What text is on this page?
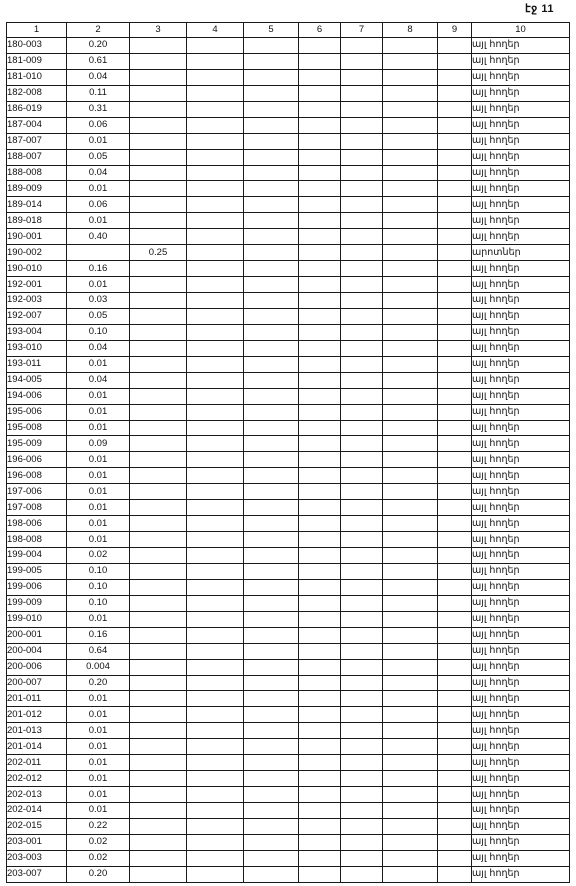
էջ 11
1	2	3	4	5	6	7	8	9	10
180-003	0.20								այլ հողեր
181-009	0.61								այլ հողեր
181-010	0.04								այլ հողեր
182-008	0.11								այլ հողեր
186-019	0.31								այլ հողեր
187-004	0.06								այլ հողեր
187-007	0.01								այլ հողեր
188-007	0.05								այլ հողեր
188-008	0.04								այլ հողեր
189-009	0.01								այլ հողեր
189-014	0.06								այլ հողեր
189-018	0.01								այլ հողեր
190-001	0.40								այլ հողեր
190-002		0.25							արոտներ
190-010	0.16								այլ հողեր
192-001	0.01								այլ հողեր
192-003	0.03								այլ հողեր
192-007	0.05								այլ հողեր
193-004	0.10								այլ հողեր
193-010	0.04								այլ հողեր
193-011	0.01								այլ հողեր
194-005	0.04								այլ հողեր
194-006	0.01								այլ հողեր
195-006	0.01								այլ հողեր
195-008	0.01								այլ հողեր
195-009	0.09								այլ հողեր
196-006	0.01								այլ հողեր
196-008	0.01								այլ հողեր
197-006	0.01								այլ հողեր
197-008	0.01								այլ հողեր
198-006	0.01								այլ հողեր
198-008	0.01								այլ հողեր
199-004	0.02								այլ հողեր
199-005	0.10								այլ հողեր
199-006	0.10								այլ հողեր
199-009	0.10								այլ հողեր
199-010	0.01								այլ հողեր
200-001	0.16								այլ հողեր
200-004	0.64								այլ հողեր
200-006	0.004								այլ հողեր
200-007	0.20								այլ հողեր
201-011	0.01								այլ հողեր
201-012	0.01								այլ հողեր
201-013	0.01								այլ հողեր
201-014	0.01								այլ հողեր
202-011	0.01								այլ հողեր
202-012	0.01								այլ հողեր
202-013	0.01								այլ հողեր
202-014	0.01								այլ հողեր
202-015	0.22								այլ հողեր
203-001	0.02								այլ հողեր
203-003	0.02								այլ հողեր
203-007	0.20								այլ հողեր
